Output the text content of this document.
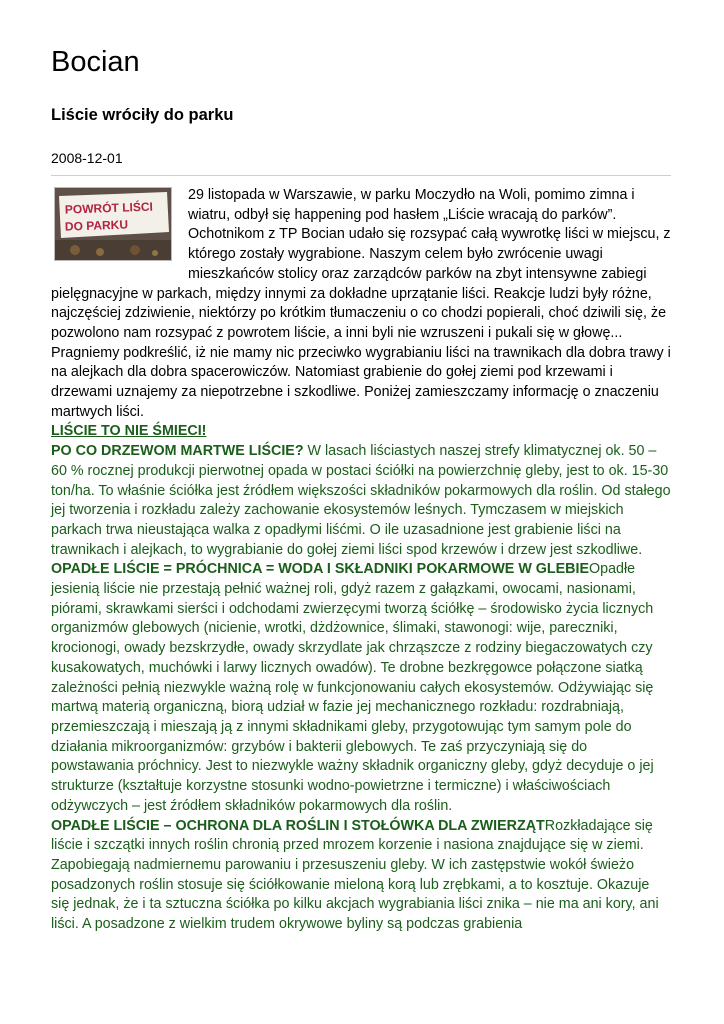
Bocian
Liście wróciły do parku
2008-12-01
POWRÓT LIŚCI
DO PARKU

29 listopada w Warszawie, w parku Moczydło na Woli, pomimo zimna i wiatru, odbył się happening pod hasłem „Liście wracają do parków”. Ochotnikom z TP Bocian udało się rozsypać całą wywrotkę liści w miejscu, z którego zostały wygrabione. Naszym celem było zwrócenie uwagi mieszkańców stolicy oraz zarządców parków na zbyt intensywne zabiegi pielęgnacyjne w parkach, między innymi za dokładne uprzątanie liści. Reakcje ludzi były różne, najczęściej zdziwienie, niektórzy po krótkim tłumaczeniu o co chodzi popierali, choć dziwili się, że pozwolono nam rozsypać z powrotem liście, a inni byli nie wzruszeni i pukali się w głowę... Pragniemy podkreślić, iż nie mamy nic przeciwko wygrabianiu liści na trawnikach dla dobra trawy i na alejkach dla dobra spacerowiczów. Natomiast grabienie do gołej ziemi pod krzewami i drzewami uznajemy za niepotrzebne i szkodliwe. Poniżej zamieszczamy informację o znaczeniu martwych liści.

LIŚCIE TO NIE ŚMIECI!
PO CO DRZEWOM MARTWE LIŚCIE? W lasach liściastych naszej strefy klimatycznej ok. 50 – 60 % rocznej produkcji pierwotnej opada w postaci ściółki na powierzchnię gleby, jest to ok. 15-30 ton/ha. To właśnie ściółka jest źródłem większości składników pokarmowych dla roślin. Od stałego jej tworzenia i rozkładu zależy zachowanie ekosystemów leśnych. Tymczasem w miejskich parkach trwa nieustająca walka z opadłymi liśćmi. O ile uzasadnione jest grabienie liści na trawnikach i alejkach, to wygrabianie do gołej ziemi liści spod krzewów i drzew jest szkodliwe.
OPADŁE LIŚCIE = PRÓCHNICA = WODA I SKŁADNIKI POKARMOWE W GLEBIEOpadłe jesienią liście nie przestają pełnić ważnej roli, gdyż razem z gałązkami, owocami, nasionami, piórami, skrawkami sierści i odchodami zwierzęcymi tworzą ściółkę – środowisko życia licznych organizmów glebowych (nicienie, wrotki, dżdżownice, ślimaki, stawonogi: wije, parecznikі, krocionogi, owady bezskrzydłe, owady skrzydlate jak chrząszcze z rodziny biegaczowatych czy kusakowatych, muchówki i larwy licznych owadów). Te drobne bezkręgowce połączone siatką zależności pełnią niezwykle ważną rolę w funkcjonowaniu całych ekosystemów. Odżywiając się martwą materią organiczną, biorą udział w fazie jej mechanicznego rozkładu: rozdrabniają, przemieszczają i mieszają ją z innymi składnikami gleby, przygotowując tym samym pole do działania mikroorganizmów: grzybów i bakterii glebowych. Te zaś przyczyniają się do powstawania próchnicy. Jest to niezwykle ważny składnik organiczny gleby, gdyż decyduje o jej strukturze (kształtuje korzystne stosunki wodno-powietrzne i termiczne) i właściwościach odżywczych – jest źródłem składników pokarmowych dla roślin.
OPADŁE LIŚCIE – OCHRONA DLA ROŚLIN I STOŁÓWKA DLA ZWIERZĄTRozkładające się liście i szczątki innych roślin chronią przed mrozem korzenie i nasiona znajdujące się w ziemi. Zapobiegają nadmiernemu parowaniu i przesuszeniu gleby. W ich zastępstwie wokół świeżo posadzonych roślin stosuje się ściółkowanie mieloną korą lub zrębkami, a to kosztuje. Okazuje się jednak, że i ta sztuczna ściółka po kilku akcjach wygrabiania liści znika – nie ma ani kory, ani liści. A posadzone z wielkim trudem okrywowe byliny są podczas grabienia
